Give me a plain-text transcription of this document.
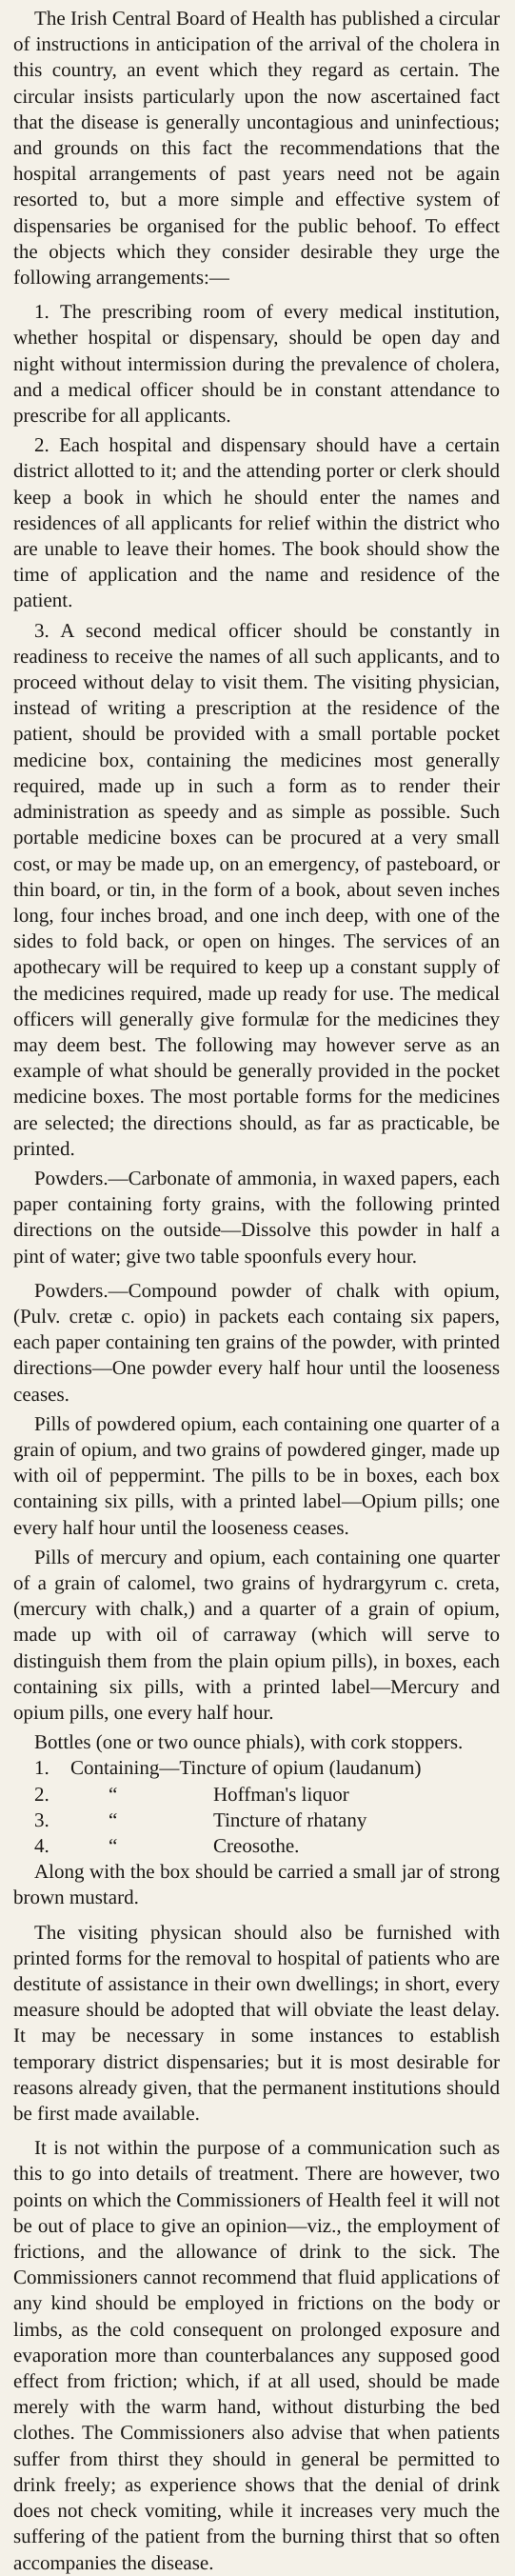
The Irish Central Board of Health has published a circular of instructions in anticipation of the arrival of the cholera in this country, an event which they regard as certain. The circular insists particularly upon the now ascertained fact that the disease is generally uncontagious and uninfectious; and grounds on this fact the recommendations that the hospital arrangements of past years need not be again resorted to, but a more simple and effective system of dispensaries be organised for the public behoof. To effect the objects which they consider desirable they urge the following arrangements:—

1. The prescribing room of every medical institution, whether hospital or dispensary, should be open day and night without intermission during the prevalence of cholera, and a medical officer should be in constant attendance to prescribe for all applicants.

2. Each hospital and dispensary should have a certain district allotted to it; and the attending porter or clerk should keep a book in which he should enter the names and residences of all applicants for relief within the district who are unable to leave their homes. The book should show the time of application and the name and residence of the patient.

3. A second medical officer should be constantly in readiness to receive the names of all such applicants, and to proceed without delay to visit them. The visiting physician, instead of writing a prescription at the residence of the patient, should be provided with a small portable pocket medicine box, containing the medicines most generally required, made up in such a form as to render their administration as speedy and as simple as possible. Such portable medicine boxes can be procured at a very small cost, or may be made up, on an emergency, of pasteboard, or thin board, or tin, in the form of a book, about seven inches long, four inches broad, and one inch deep, with one of the sides to fold back, or open on hinges. The services of an apothecary will be required to keep up a constant supply of the medicines required, made up ready for use. The medical officers will generally give formulæ for the medicines they may deem best. The following may however serve as an example of what should be generally provided in the pocket medicine boxes. The most portable forms for the medicines are selected; the directions should, as far as practicable, be printed.

Powders.—Carbonate of ammonia, in waxed papers, each paper containing forty grains, with the following printed directions on the outside—Dissolve this powder in half a pint of water; give two table spoonfuls every hour.

Powders.—Compound powder of chalk with opium, (Pulv. cretæ c. opio) in packets each containg six papers, each paper containing ten grains of the powder, with printed directions—One powder every half hour until the looseness ceases.

Pills of powdered opium, each containing one quarter of a grain of opium, and two grains of powdered ginger, made up with oil of peppermint. The pills to be in boxes, each box containing six pills, with a printed label—Opium pills; one every half hour until the looseness ceases.

Pills of mercury and opium, each containing one quarter of a grain of calomel, two grains of hydrargyrum c. creta, (mercury with chalk,) and a quarter of a grain of opium, made up with oil of carraway (which will serve to distinguish them from the plain opium pills), in boxes, each containing six pills, with a printed label—Mercury and opium pills, one every half hour.

Bottles (one or two ounce phials), with cork stoppers.

1.	Containing—Tincture of opium (laudanum)
2.	“	Hoffman's liquor
3.	“	Tincture of rhatany
4.	“	Creosothe.

Along with the box should be carried a small jar of strong brown mustard.

The visiting physican should also be furnished with printed forms for the removal to hospital of patients who are destitute of assistance in their own dwellings; in short, every measure should be adopted that will obviate the least delay. It may be necessary in some instances to establish temporary district dispensaries; but it is most desirable for reasons already given, that the permanent institutions should be first made available.

It is not within the purpose of a communication such as this to go into details of treatment. There are however, two points on which the Commissioners of Health feel it will not be out of place to give an opinion—viz., the employment of frictions, and the allowance of drink to the sick. The Commissioners cannot recommend that fluid applications of any kind should be employed in frictions on the body or limbs, as the cold consequent on prolonged exposure and evaporation more than counterbalances any supposed good effect from friction; which, if at all used, should be made merely with the warm hand, without disturbing the bed clothes. The Commissioners also advise that when patients suffer from thirst they should in general be permitted to drink freely; as experience shows that the denial of drink does not check vomiting, while it increases very much the suffering of the patient from the burning thirst that so often accompanies the disease.
